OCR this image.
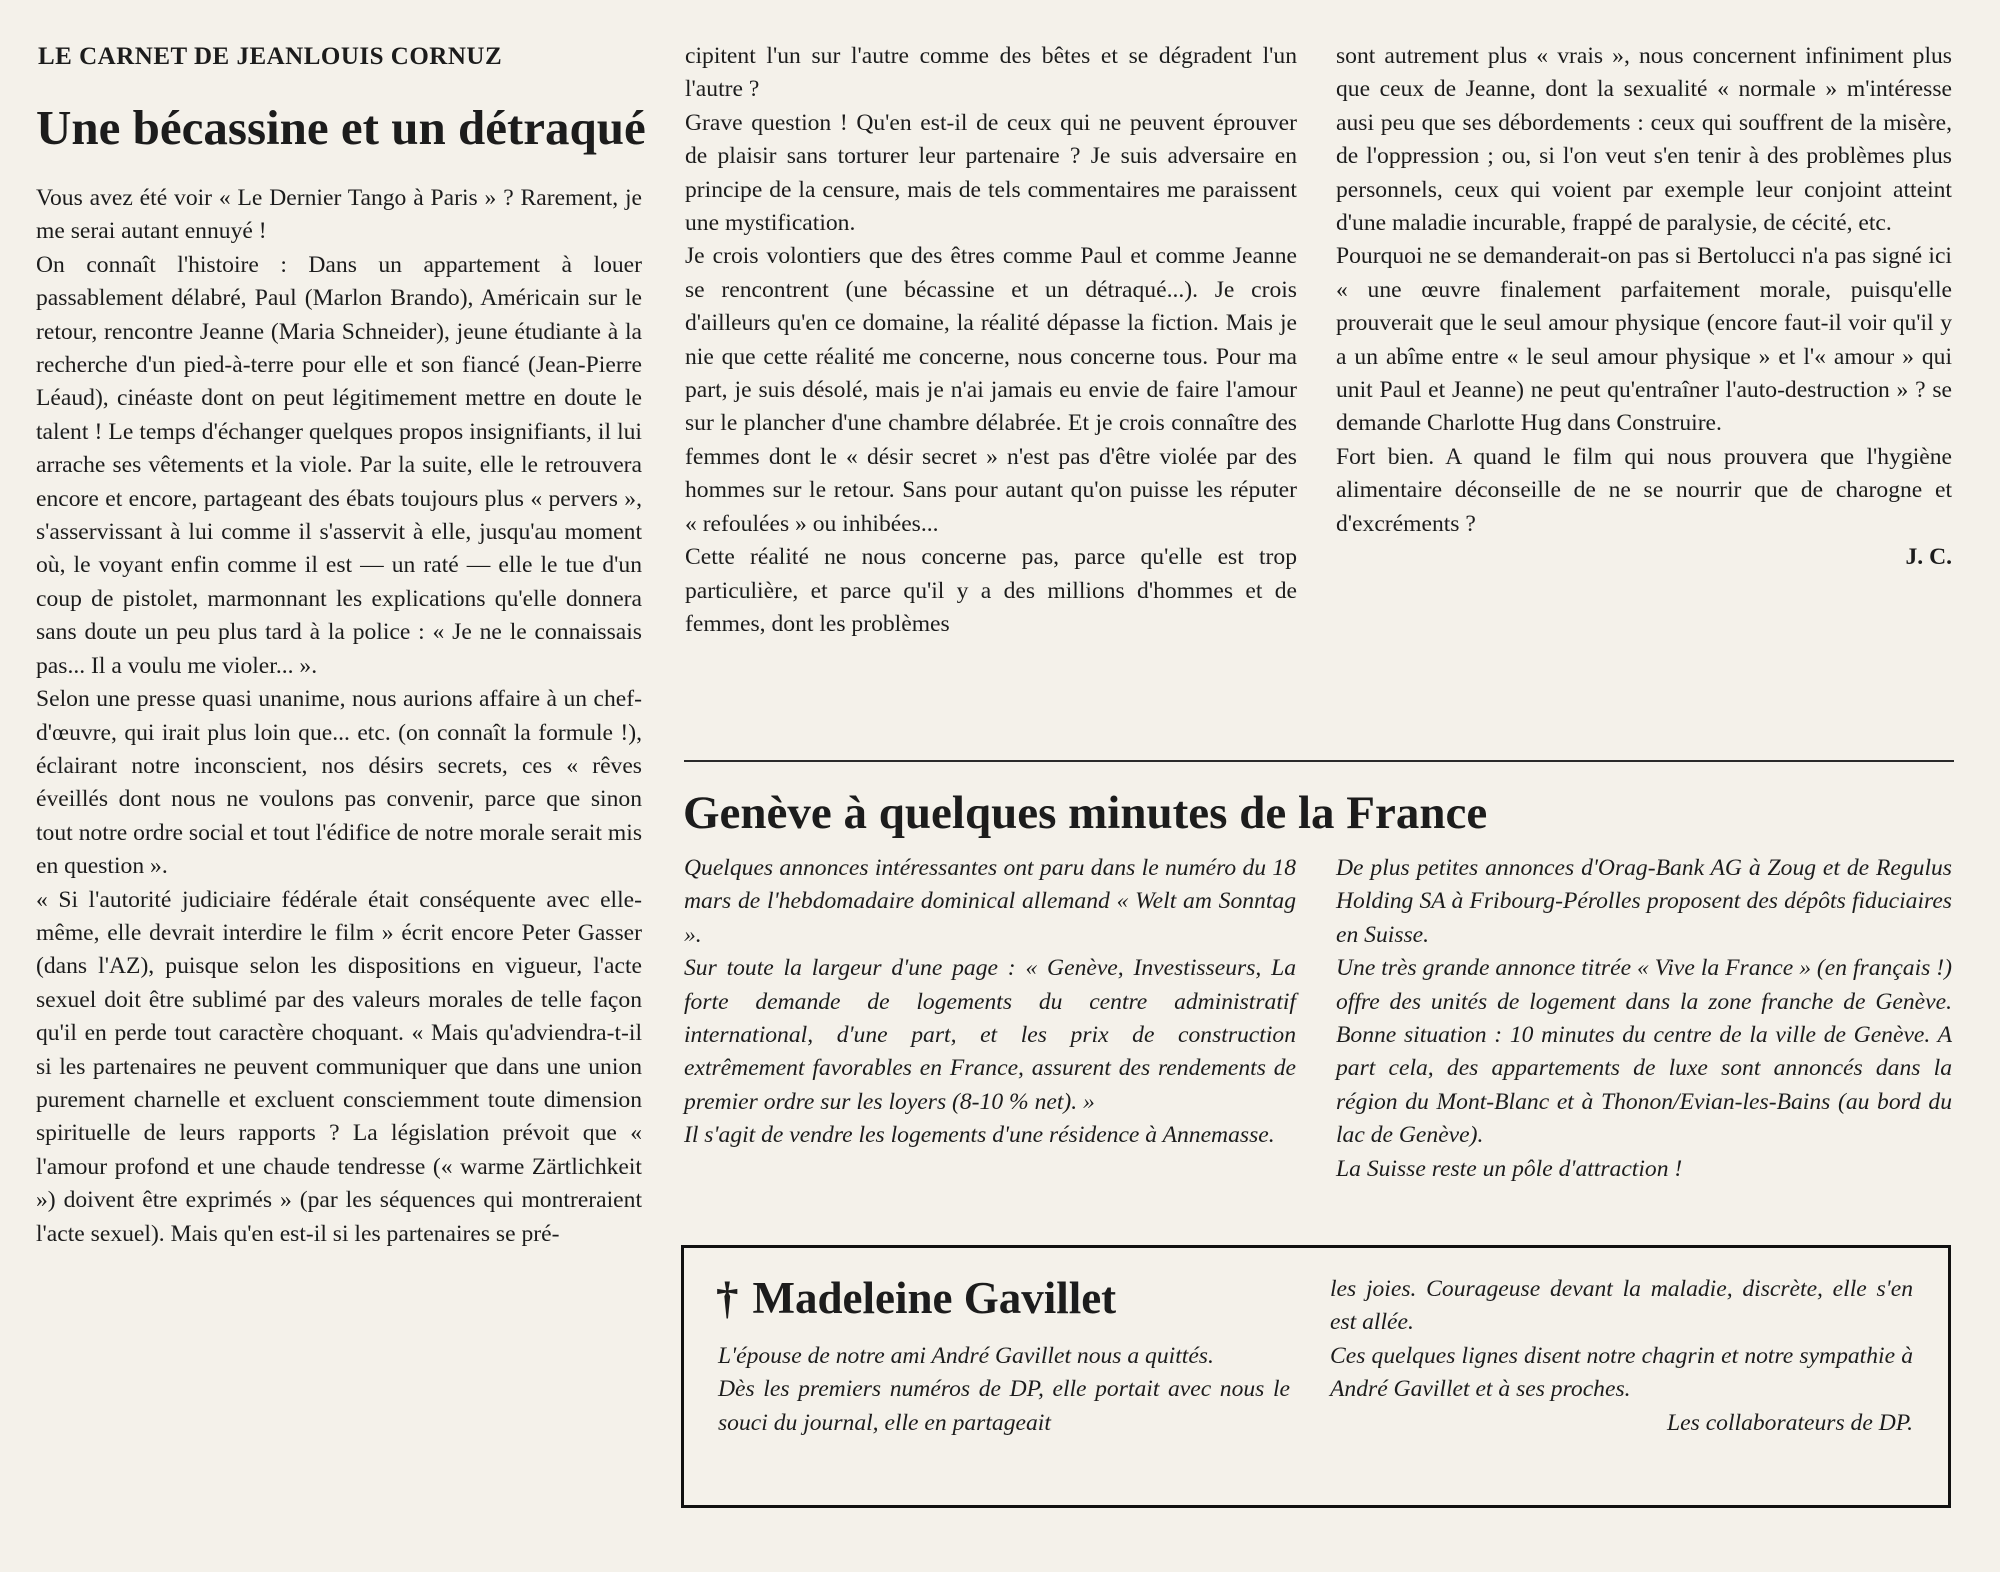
LE CARNET DE JEANLOUIS CORNUZ
Une bécassine et un détraqué

Vous avez été voir « Le Dernier Tango à Paris » ? Rarement, je me serai autant ennuyé !

On connaît l'histoire : Dans un appartement à louer passablement délabré, Paul (Marlon Brando), Américain sur le retour, rencontre Jeanne (Maria Schneider), jeune étudiante à la recherche d'un pied-à-terre pour elle et son fiancé (Jean-Pierre Léaud), cinéaste dont on peut légitimement mettre en doute le talent ! Le temps d'échanger quelques propos insignifiants, il lui arrache ses vêtements et la viole. Par la suite, elle le retrouvera encore et encore, partageant des ébats toujours plus « pervers », s'asservissant à lui comme il s'asservit à elle, jusqu'au moment où, le voyant enfin comme il est — un raté — elle le tue d'un coup de pistolet, marmonnant les explications qu'elle donnera sans doute un peu plus tard à la police : « Je ne le connaissais pas... Il a voulu me violer... ».

Selon une presse quasi unanime, nous aurions affaire à un chef-d'œuvre, qui irait plus loin que... etc. (on connaît la formule !), éclairant notre inconscient, nos désirs secrets, ces « rêves éveillés dont nous ne voulons pas convenir, parce que sinon tout notre ordre social et tout l'édifice de notre morale serait mis en question ».

« Si l'autorité judiciaire fédérale était conséquente avec elle-même, elle devrait interdire le film » écrit encore Peter Gasser (dans l'AZ), puisque selon les dispositions en vigueur, l'acte sexuel doit être sublimé par des valeurs morales de telle façon qu'il en perde tout caractère choquant. « Mais qu'adviendra-t-il si les partenaires ne peuvent communiquer que dans une union purement charnelle et excluent consciemment toute dimension spirituelle de leurs rapports ? La législation prévoit que « l'amour profond et une chaude tendresse (« warme Zärtlichkeit ») doivent être exprimés » (par les séquences qui montreraient l'acte sexuel). Mais qu'en est-il si les partenaires se pré-

cipitent l'un sur l'autre comme des bêtes et se dégradent l'un l'autre ?

Grave question ! Qu'en est-il de ceux qui ne peuvent éprouver de plaisir sans torturer leur partenaire ? Je suis adversaire en principe de la censure, mais de tels commentaires me paraissent une mystification.

Je crois volontiers que des êtres comme Paul et comme Jeanne se rencontrent (une bécassine et un détraqué...). Je crois d'ailleurs qu'en ce domaine, la réalité dépasse la fiction. Mais je nie que cette réalité me concerne, nous concerne tous. Pour ma part, je suis désolé, mais je n'ai jamais eu envie de faire l'amour sur le plancher d'une chambre délabrée. Et je crois connaître des femmes dont le « désir secret » n'est pas d'être violée par des hommes sur le retour. Sans pour autant qu'on puisse les réputer « refoulées » ou inhibées...

Cette réalité ne nous concerne pas, parce qu'elle est trop particulière, et parce qu'il y a des millions d'hommes et de femmes, dont les problèmes

sont autrement plus « vrais », nous concernent infiniment plus que ceux de Jeanne, dont la sexualité « normale » m'intéresse ausi peu que ses débordements : ceux qui souffrent de la misère, de l'oppression ; ou, si l'on veut s'en tenir à des problèmes plus personnels, ceux qui voient par exemple leur conjoint atteint d'une maladie incurable, frappé de paralysie, de cécité, etc.

Pourquoi ne se demanderait-on pas si Bertolucci n'a pas signé ici « une œuvre finalement parfaitement morale, puisqu'elle prouverait que le seul amour physique (encore faut-il voir qu'il y a un abîme entre « le seul amour physique » et l'« amour » qui unit Paul et Jeanne) ne peut qu'entraîner l'auto-destruction » ? se demande Charlotte Hug dans Construire.

Fort bien. A quand le film qui nous prouvera que l'hygiène alimentaire déconseille de ne se nourrir que de charogne et d'excréments ?

J. C.

Genève à quelques minutes de la France

Quelques annonces intéressantes ont paru dans le numéro du 18 mars de l'hebdomadaire dominical allemand « Welt am Sonntag ».

Sur toute la largeur d'une page : « Genève, Investisseurs, La forte demande de logements du centre administratif international, d'une part, et les prix de construction extrêmement favorables en France, assurent des rendements de premier ordre sur les loyers (8-10 % net). »

Il s'agit de vendre les logements d'une résidence à Annemasse.

De plus petites annonces d'Orag-Bank AG à Zoug et de Regulus Holding SA à Fribourg-Pérolles proposent des dépôts fiduciaires en Suisse.

Une très grande annonce titrée « Vive la France » (en français !) offre des unités de logement dans la zone franche de Genève. Bonne situation : 10 minutes du centre de la ville de Genève. A part cela, des appartements de luxe sont annoncés dans la région du Mont-Blanc et à Thonon/Evian-les-Bains (au bord du lac de Genève).

La Suisse reste un pôle d'attraction !

† Madeleine Gavillet

L'épouse de notre ami André Gavillet nous a quittés.

Dès les premiers numéros de DP, elle portait avec nous le souci du journal, elle en partageait

les joies. Courageuse devant la maladie, discrète, elle s'en est allée.

Ces quelques lignes disent notre chagrin et notre sympathie à André Gavillet et à ses proches.

Les collaborateurs de DP.
